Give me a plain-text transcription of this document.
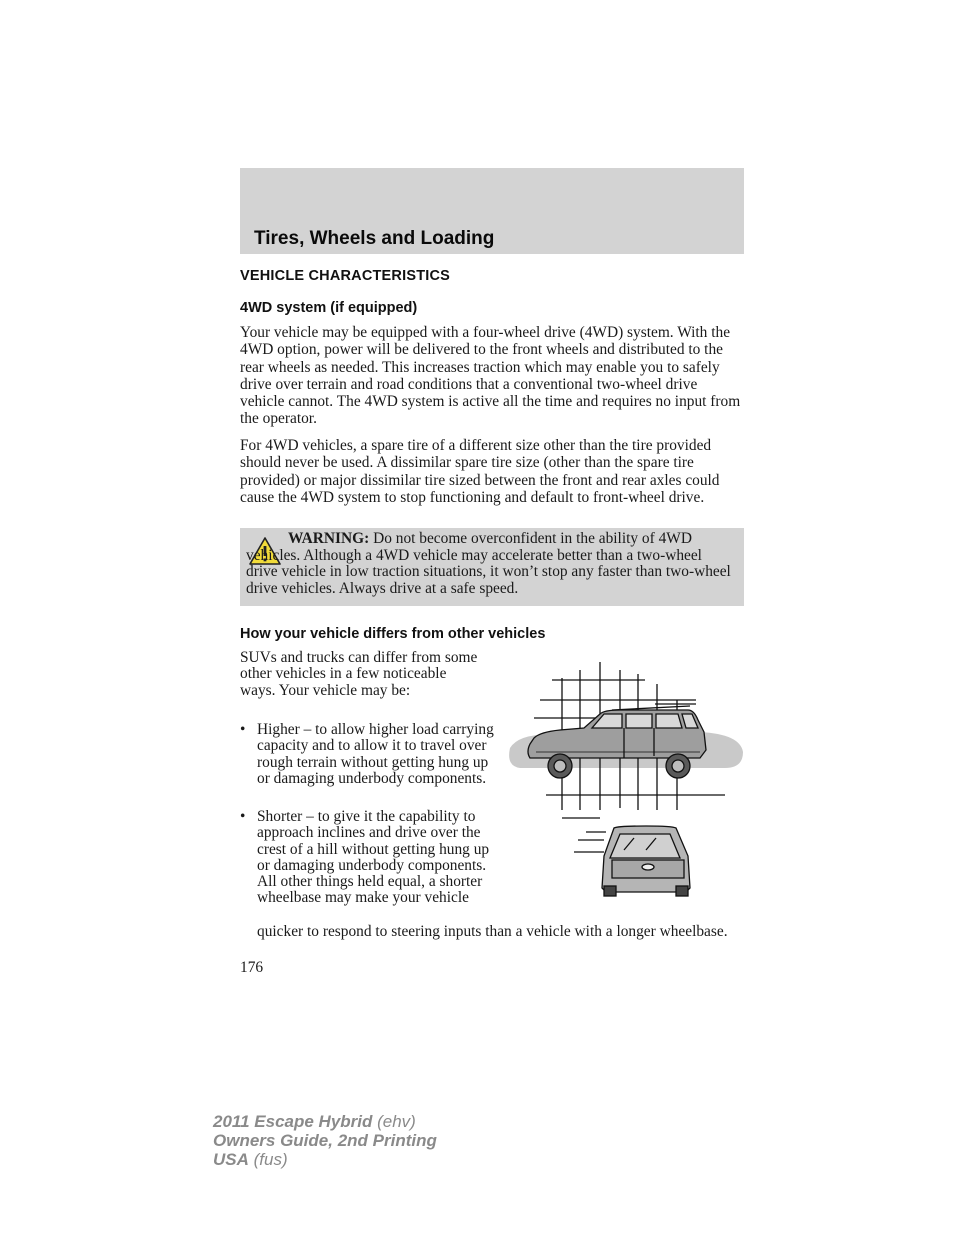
Tires, Wheels and Loading
VEHICLE CHARACTERISTICS
4WD system (if equipped)

Your vehicle may be equipped with a four-wheel drive (4WD) system. With the 4WD option, power will be delivered to the front wheels and distributed to the rear wheels as needed. This increases traction which may enable you to safely drive over terrain and road conditions that a conventional two-wheel drive vehicle cannot. The 4WD system is active all the time and requires no input from the operator.

For 4WD vehicles, a spare tire of a different size other than the tire provided should never be used. A dissimilar spare tire size (other than the spare tire provided) or major dissimilar tire sized between the front and rear axles could cause the 4WD system to stop functioning and default to front-wheel drive.

WARNING: Do not become overconfident in the ability of 4WD vehicles. Although a 4WD vehicle may accelerate better than a two-wheel drive vehicle in low traction situations, it won’t stop any faster than two-wheel drive vehicles. Always drive at a safe speed.

How your vehicle differs from other vehicles

SUVs and trucks can differ from some other vehicles in a few noticeable ways. Your vehicle may be:

• Higher – to allow higher load carrying capacity and to allow it to travel over rough terrain without getting hung up or damaging underbody components.

• Shorter – to give it the capability to approach inclines and drive over the crest of a hill without getting hung up or damaging underbody components. All other things held equal, a shorter wheelbase may make your vehicle

quicker to respond to steering inputs than a vehicle with a longer wheelbase.

176
2011 Escape Hybrid (ehv)
Owners Guide, 2nd Printing
USA (fus)
